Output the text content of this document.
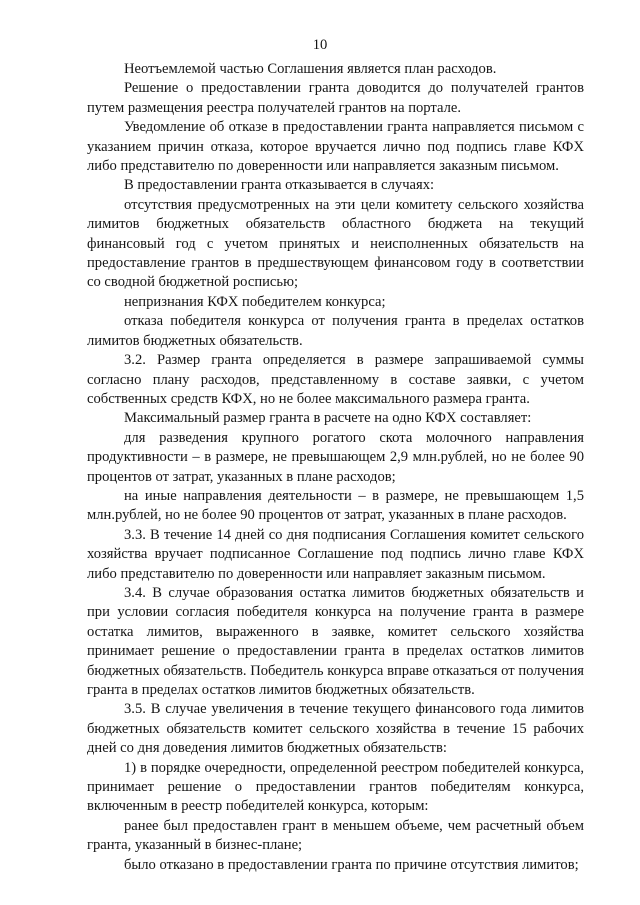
10

Неотъемлемой частью Соглашения является план расходов.

Решение о предоставлении гранта доводится до получателей грантов путем размещения реестра получателей грантов на портале.

Уведомление об отказе в предоставлении гранта направляется письмом с указанием причин отказа, которое вручается лично под подпись главе КФХ либо представителю по доверенности или направляется заказным письмом.

В предоставлении гранта отказывается в случаях:

отсутствия предусмотренных на эти цели комитету сельского хозяйства лимитов бюджетных обязательств областного бюджета на текущий финансовый год с учетом принятых и неисполненных обязательств на предоставление грантов в предшествующем финансовом году в соответствии со сводной бюджетной росписью;

непризнания КФХ победителем конкурса;

отказа победителя конкурса от получения гранта в пределах остатков лимитов бюджетных обязательств.

3.2. Размер гранта определяется в размере запрашиваемой суммы согласно плану расходов, представленному в составе заявки, с учетом собственных средств КФХ, но не более максимального размера гранта.

Максимальный размер гранта в расчете на одно КФХ составляет:

для разведения крупного рогатого скота молочного направления продуктивности – в размере, не превышающем 2,9 млн.рублей, но не более 90 процентов от затрат, указанных в плане расходов;

на иные направления деятельности – в размере, не превышающем 1,5 млн.рублей, но не более 90 процентов от затрат, указанных в плане расходов.

3.3. В течение 14 дней со дня подписания Соглашения комитет сельского хозяйства вручает подписанное Соглашение под подпись лично главе КФХ либо представителю по доверенности или направляет заказным письмом.

3.4. В случае образования остатка лимитов бюджетных обязательств и при условии согласия победителя конкурса на получение гранта в размере остатка лимитов, выраженного в заявке, комитет сельского хозяйства принимает решение о предоставлении гранта в пределах остатков лимитов бюджетных обязательств. Победитель конкурса вправе отказаться от получения гранта в пределах остатков лимитов бюджетных обязательств.

3.5. В случае увеличения в течение текущего финансового года лимитов бюджетных обязательств комитет сельского хозяйства в течение 15 рабочих дней со дня доведения лимитов бюджетных обязательств:

1) в порядке очередности, определенной реестром победителей конкурса, принимает решение о предоставлении грантов победителям конкурса, включенным в реестр победителей конкурса, которым:

ранее был предоставлен грант в меньшем объеме, чем расчетный объем гранта, указанный в бизнес-плане;

было отказано в предоставлении гранта по причине отсутствия лимитов;
